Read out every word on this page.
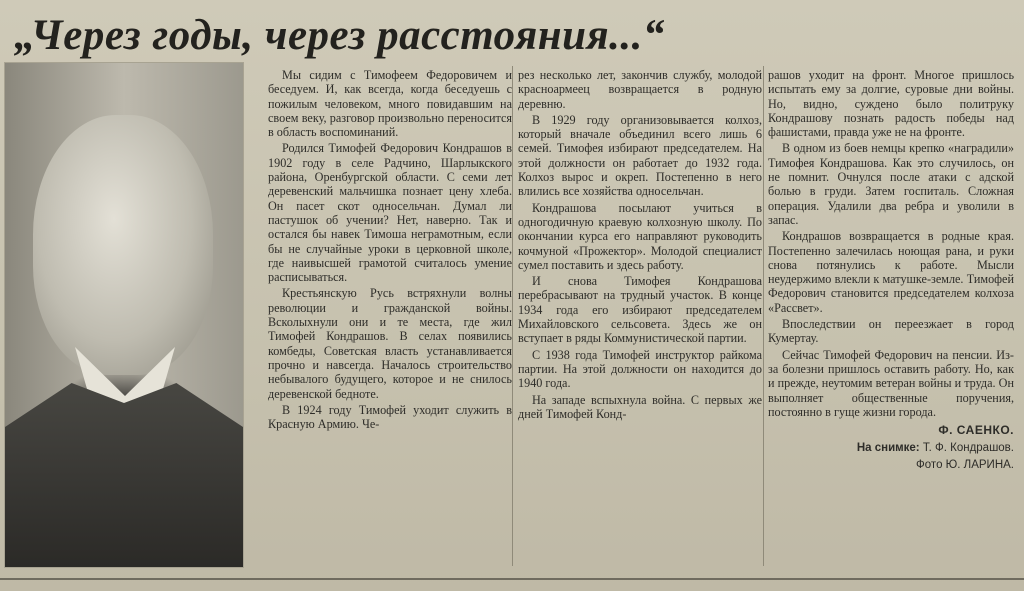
„Через годы, через расстояния...“

Мы сидим с Тимофеем Федоровичем и беседуем. И, как всегда, когда беседуешь с пожилым человеком, много повидавшим на своем веку, разговор произвольно переносится в область воспоминаний.

Родился Тимофей Федорович Кондрашов в 1902 году в селе Радчино, Шарлыкского района, Оренбургской области. С семи лет деревенский мальчишка познает цену хлеба. Он пасет скот односельчан. Думал ли пастушок об учении? Нет, наверно. Так и остался бы навек Тимоша неграмотным, если бы не случайные уроки в церковной школе, где наивысшей грамотой считалось умение расписываться.

Крестьянскую Русь встряхнули волны революции и гражданской войны. Всколыхнули они и те места, где жил Тимофей Кондрашов. В селах появились комбеды, Советская власть устанавливается прочно и навсегда. Началось строительство небывалого будущего, которое и не снилось деревенской бедноте.

В 1924 году Тимофей уходит служить в Красную Армию. Че-

рез несколько лет, закончив службу, молодой красноармеец возвращается в родную деревню.

В 1929 году организовывается колхоз, который вначале объединил всего лишь 6 семей. Тимофея избирают председателем. На этой должности он работает до 1932 года. Колхоз вырос и окреп. Постепенно в него влились все хозяйства односельчан.

Кондрашова посылают учиться в одногодичную краевую колхозную школу. По окончании курса его направляют руководить кочмуной «Прожектор». Молодой специалист сумел поставить и здесь работу.

И снова Тимофея Кондрашова перебрасывают на трудный участок. В конце 1934 года его избирают председателем Михайловского сельсовета. Здесь же он вступает в ряды Коммунистической партии.

С 1938 года Тимофей инструктор райкома партии. На этой должности он находится до 1940 года.

На западе вспыхнула война. С первых же дней Тимофей Конд-

рашов уходит на фронт. Многое пришлось испытать ему за долгие, суровые дни войны. Но, видно, суждено было политруку Кондрашову познать радость победы над фашистами, правда уже не на фронте.

В одном из боев немцы крепко «наградили» Тимофея Кондрашова. Как это случилось, он не помнит. Очнулся после атаки с адской болью в груди. Затем госпиталь. Сложная операция. Удалили два ребра и уволили в запас.

Кондрашов возвращается в родные края. Постепенно залечилась ноющая рана, и руки снова потянулись к работе. Мысли неудержимо влекли к матушке-земле. Тимофей Федорович становится председателем колхоза «Рассвет».

Впоследствии он переезжает в город Кумертау.

Сейчас Тимофей Федорович на пенсии. Из-за болезни пришлось оставить работу. Но, как и прежде, неутомим ветеран войны и труда. Он выполняет общественные поручения, постоянно в гуще жизни города.

Ф. САЕНКО.

На снимке: Т. Ф. Кондрашов.

Фото Ю. ЛАРИНА.
